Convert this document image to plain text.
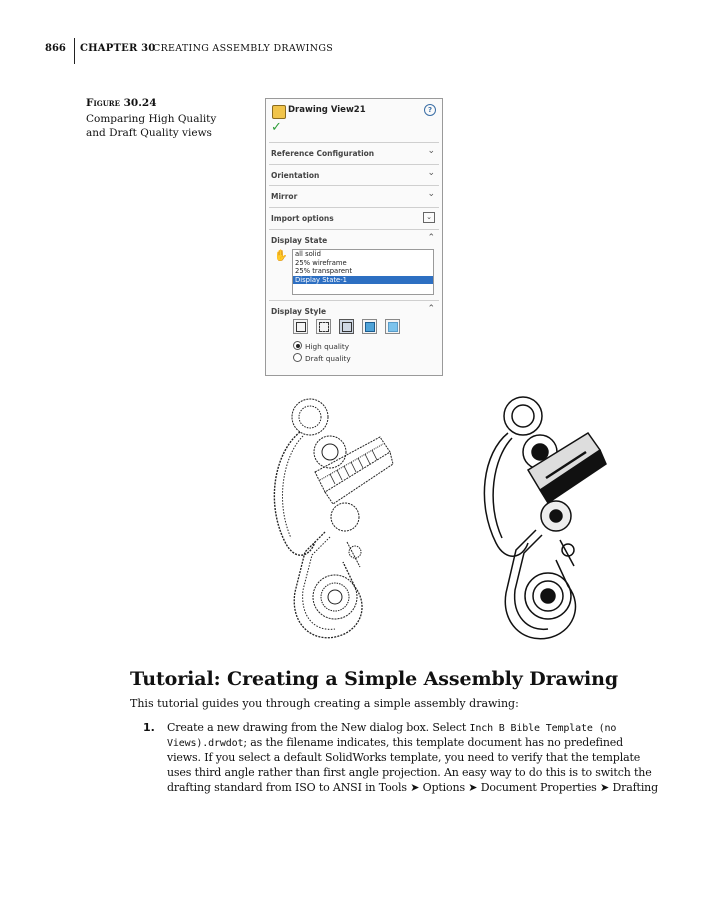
866 CHAPTER 30
CREATING ASSEMBLY DRAWINGS
Figure 30.24
Comparing High Quality
and Draft Quality views
Drawing View21	?
✓
Reference Configuration	⌄
Orientation	⌄
Mirror	⌄
Import options	⌄
Display State	⌃
✋ all solid
25% wireframe
25% transparent
Display State-1
Display Style	⌃

High quality
Draft quality
Tutorial: Creating a Simple Assembly Drawing
This tutorial guides you through creating a simple assembly drawing:
1. Create a new drawing from the New dialog box. Select Inch B Bible Template (no
Views).drwdot; as the filename indicates, this template document has no predefined
views. If you select a default SolidWorks template, you need to verify that the template
uses third angle rather than first angle projection. An easy way to do this is to switch the
drafting standard from ISO to ANSI in Tools ➤ Options ➤ Document Properties ➤ Drafting
